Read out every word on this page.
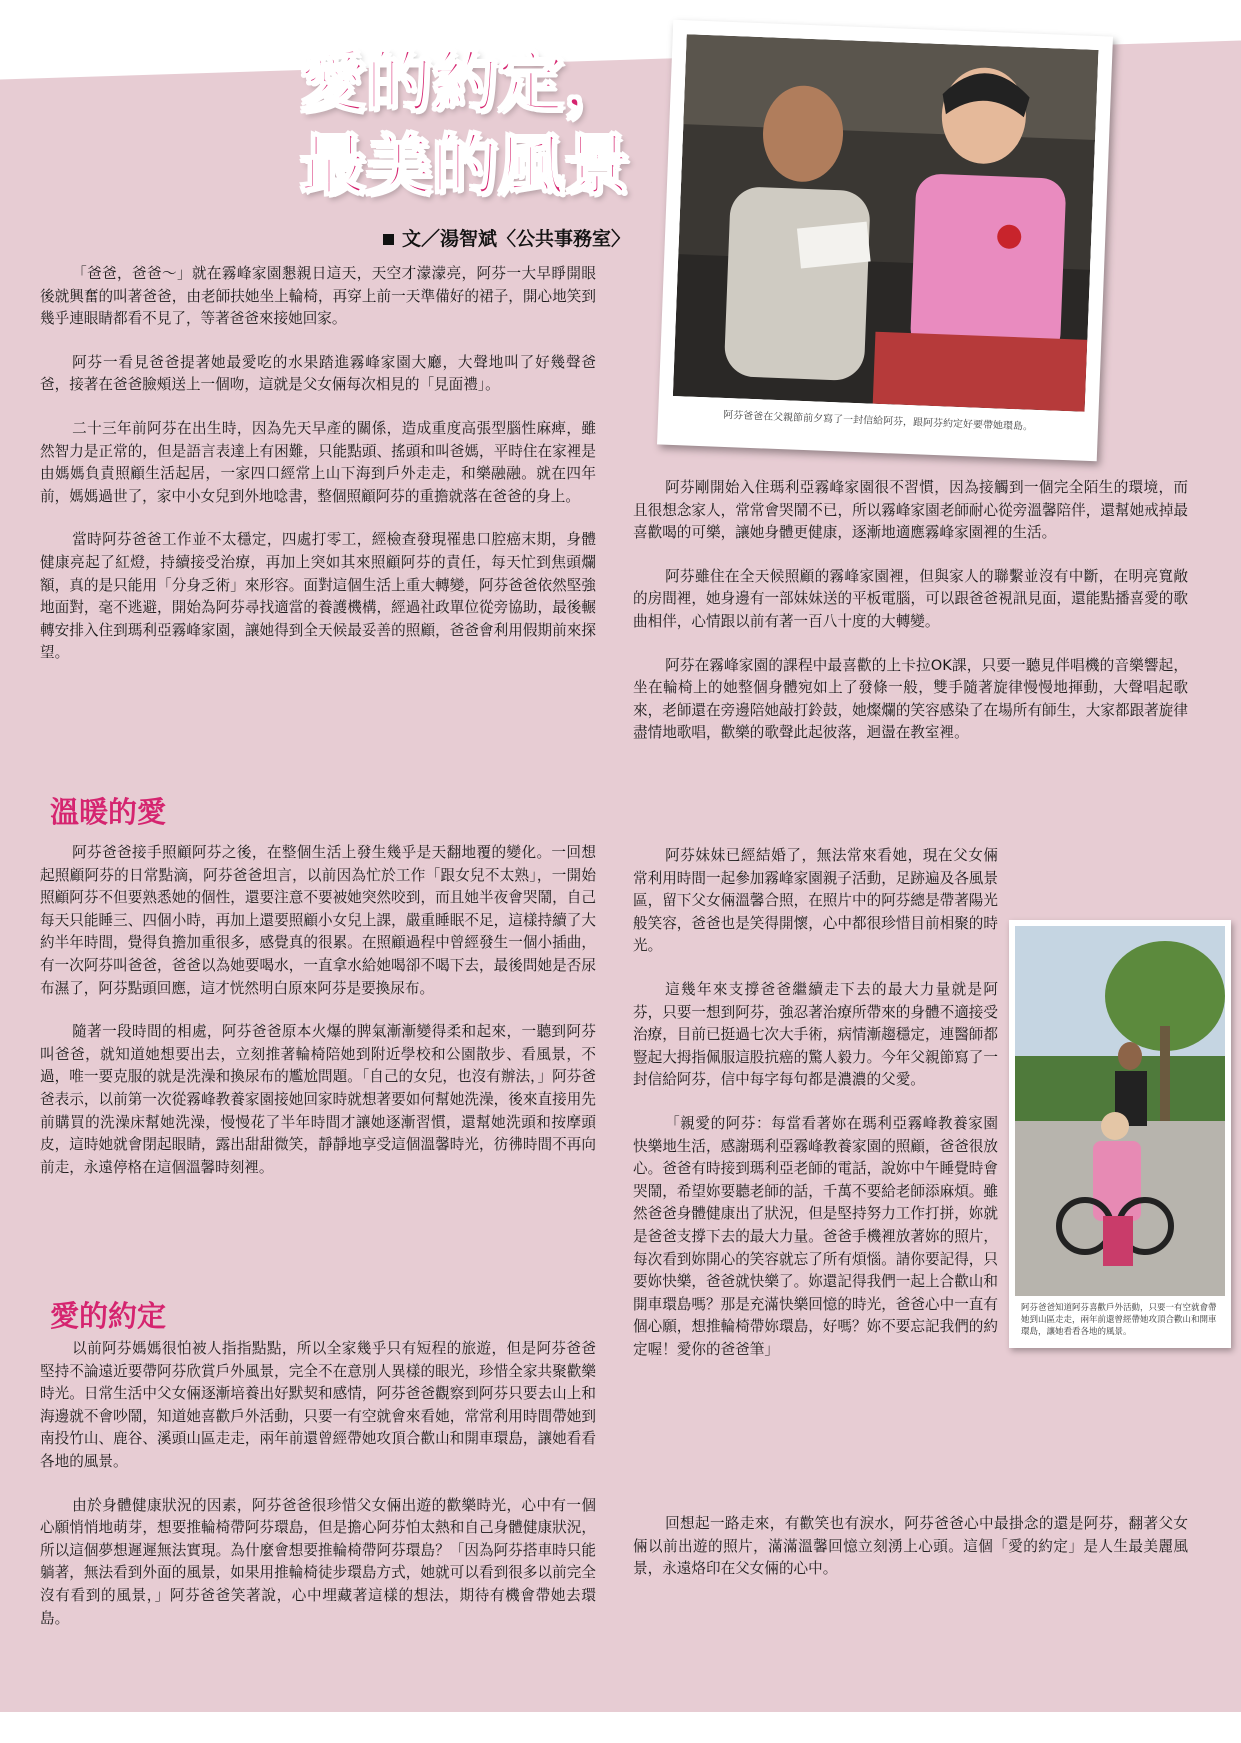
愛的約定，
最美的風景
文／湯智斌〈公共事務室〉

「爸爸，爸爸～」就在霧峰家園懇親日這天，天空才濛濛亮，阿芬一大早睜開眼後就興奮的叫著爸爸，由老師扶她坐上輪椅，再穿上前一天準備好的裙子，開心地笑到幾乎連眼睛都看不見了，等著爸爸來接她回家。

阿芬一看見爸爸提著她最愛吃的水果踏進霧峰家園大廳，大聲地叫了好幾聲爸爸，接著在爸爸臉頰送上一個吻，這就是父女倆每次相見的「見面禮」。

二十三年前阿芬在出生時，因為先天早產的關係，造成重度高張型腦性麻痺，雖然智力是正常的，但是語言表達上有困難，只能點頭、搖頭和叫爸媽，平時住在家裡是由媽媽負責照顧生活起居，一家四口經常上山下海到戶外走走，和樂融融。就在四年前，媽媽過世了，家中小女兒到外地唸書，整個照顧阿芬的重擔就落在爸爸的身上。

當時阿芬爸爸工作並不太穩定，四處打零工，經檢查發現罹患口腔癌末期，身體健康亮起了紅燈，持續接受治療，再加上突如其來照顧阿芬的責任，每天忙到焦頭爛額，真的是只能用「分身乏術」來形容。面對這個生活上重大轉變，阿芬爸爸依然堅強地面對，毫不逃避，開始為阿芬尋找適當的養護機構，經過社政單位從旁協助，最後輾轉安排入住到瑪利亞霧峰家園，讓她得到全天候最妥善的照顧，爸爸會利用假期前來探望。

溫暖的愛

阿芬爸爸接手照顧阿芬之後，在整個生活上發生幾乎是天翻地覆的變化。一回想起照顧阿芬的日常點滴，阿芬爸爸坦言，以前因為忙於工作「跟女兒不太熟」，一開始照顧阿芬不但要熟悉她的個性，還要注意不要被她突然咬到，而且她半夜會哭鬧，自己每天只能睡三、四個小時，再加上還要照顧小女兒上課，嚴重睡眠不足，這樣持續了大約半年時間，覺得負擔加重很多，感覺真的很累。在照顧過程中曾經發生一個小插曲，有一次阿芬叫爸爸，爸爸以為她要喝水，一直拿水給她喝卻不喝下去，最後問她是否尿布濕了，阿芬點頭回應，這才恍然明白原來阿芬是要換尿布。

隨著一段時間的相處，阿芬爸爸原本火爆的脾氣漸漸變得柔和起來，一聽到阿芬叫爸爸，就知道她想要出去，立刻推著輪椅陪她到附近學校和公園散步、看風景，不過，唯一要克服的就是洗澡和換尿布的尷尬問題。「自己的女兒，也沒有辦法，」阿芬爸爸表示，以前第一次從霧峰教養家園接她回家時就想著要如何幫她洗澡，後來直接用先前購買的洗澡床幫她洗澡，慢慢花了半年時間才讓她逐漸習慣，還幫她洗頭和按摩頭皮，這時她就會閉起眼睛，露出甜甜微笑，靜靜地享受這個溫馨時光，彷彿時間不再向前走，永遠停格在這個溫馨時刻裡。

愛的約定

以前阿芬媽媽很怕被人指指點點，所以全家幾乎只有短程的旅遊，但是阿芬爸爸堅持不論遠近要帶阿芬欣賞戶外風景，完全不在意別人異樣的眼光，珍惜全家共聚歡樂時光。日常生活中父女倆逐漸培養出好默契和感情，阿芬爸爸觀察到阿芬只要去山上和海邊就不會吵鬧，知道她喜歡戶外活動，只要一有空就會來看她，常常利用時間帶她到南投竹山、鹿谷、溪頭山區走走，兩年前還曾經帶她攻頂合歡山和開車環島，讓她看看各地的風景。

由於身體健康狀況的因素，阿芬爸爸很珍惜父女倆出遊的歡樂時光，心中有一個心願悄悄地萌芽，想要推輪椅帶阿芬環島，但是擔心阿芬怕太熱和自己身體健康狀況，所以這個夢想遲遲無法實現。為什麼會想要推輪椅帶阿芬環島？「因為阿芬搭車時只能躺著，無法看到外面的風景，如果用推輪椅徒步環島方式，她就可以看到很多以前完全沒有看到的風景，」阿芬爸爸笑著說，心中埋藏著這樣的想法，期待有機會帶她去環島。

阿芬爸爸在父親節前夕寫了一封信給阿芬，跟阿芬約定好要帶她環島。

阿芬剛開始入住瑪利亞霧峰家園很不習慣，因為接觸到一個完全陌生的環境，而且很想念家人，常常會哭鬧不已，所以霧峰家園老師耐心從旁溫馨陪伴，還幫她戒掉最喜歡喝的可樂，讓她身體更健康，逐漸地適應霧峰家園裡的生活。

阿芬雖住在全天候照顧的霧峰家園裡，但與家人的聯繫並沒有中斷，在明亮寬敞的房間裡，她身邊有一部妹妹送的平板電腦，可以跟爸爸視訊見面，還能點播喜愛的歌曲相伴，心情跟以前有著一百八十度的大轉變。

阿芬在霧峰家園的課程中最喜歡的上卡拉OK課，只要一聽見伴唱機的音樂響起，坐在輪椅上的她整個身體宛如上了發條一般，雙手隨著旋律慢慢地揮動，大聲唱起歌來，老師還在旁邊陪她敲打鈴鼓，她燦爛的笑容感染了在場所有師生，大家都跟著旋律盡情地歌唱，歡樂的歌聲此起彼落，迴盪在教室裡。

阿芬妹妹已經結婚了，無法常來看她，現在父女倆常利用時間一起參加霧峰家園親子活動，足跡遍及各風景區，留下父女倆溫馨合照，在照片中的阿芬總是帶著陽光般笑容，爸爸也是笑得開懷，心中都很珍惜目前相聚的時光。

這幾年來支撐爸爸繼續走下去的最大力量就是阿芬，只要一想到阿芬，強忍著治療所帶來的身體不適接受治療，目前已挺過七次大手術，病情漸趨穩定，連醫師都豎起大拇指佩服這股抗癌的驚人毅力。今年父親節寫了一封信給阿芬，信中每字每句都是濃濃的父愛。

「親愛的阿芬：每當看著妳在瑪利亞霧峰教養家園快樂地生活，感謝瑪利亞霧峰教養家園的照顧，爸爸很放心。爸爸有時接到瑪利亞老師的電話，說妳中午睡覺時會哭鬧，希望妳要聽老師的話，千萬不要給老師添麻煩。雖然爸爸身體健康出了狀況，但是堅持努力工作打拼，妳就是爸爸支撐下去的最大力量。爸爸手機裡放著妳的照片，每次看到妳開心的笑容就忘了所有煩惱。請你要記得，只要妳快樂，爸爸就快樂了。妳還記得我們一起上合歡山和開車環島嗎？那是充滿快樂回憶的時光，爸爸心中一直有個心願，想推輪椅帶妳環島，好嗎？妳不要忘記我們的約定喔！愛你的爸爸筆」

阿芬爸爸知道阿芬喜歡戶外活動，只要一有空就會帶她到山區走走，兩年前還曾經帶她攻頂合歡山和開車環島，讓她看看各地的風景。

回想起一路走來，有歡笑也有淚水，阿芬爸爸心中最掛念的還是阿芬，翻著父女倆以前出遊的照片，滿滿溫馨回憶立刻湧上心頭。這個「愛的約定」是人生最美麗風景，永遠烙印在父女倆的心中。
